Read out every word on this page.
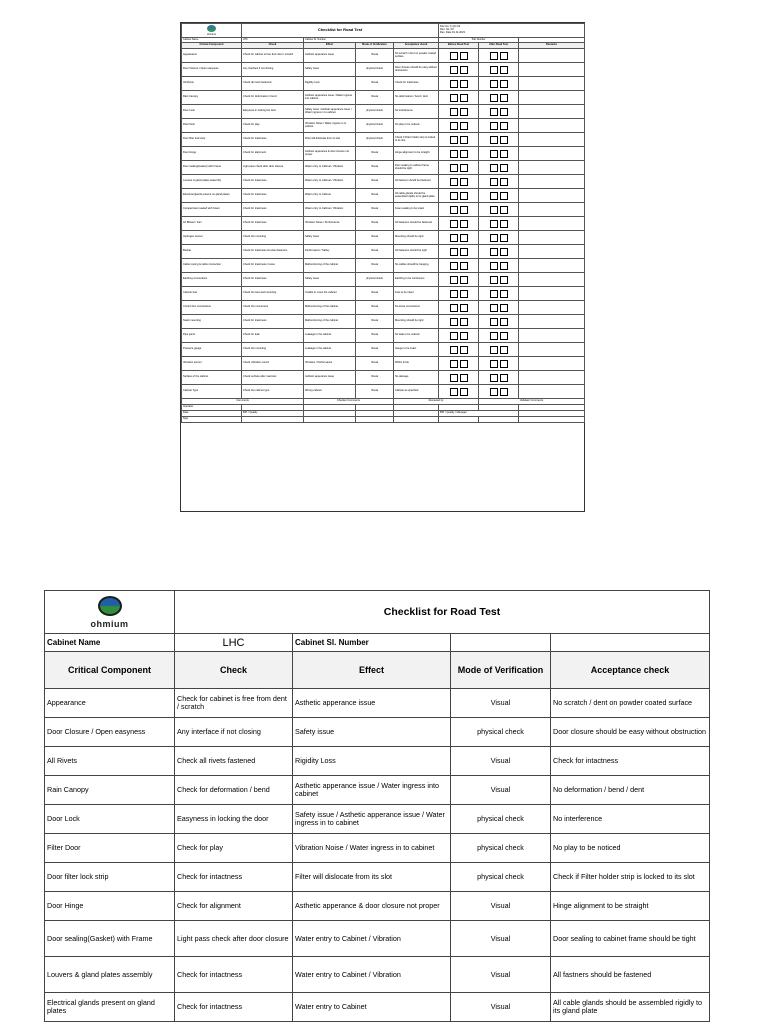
ohmium	Checklist for Road Test				Doc No. F-QC-04
Rev. No. 00
Rev. Date 01.11.2023		

Cabinet Name	LHC	Cabinet Sl. Number			Part Number		
Critical Component	Check	Effect	Mode of Verification	Acceptance check	Before Road Test	After Road Test	Remarks
Appearance	Check for cabinet is free from dent / scratch	Asthetic apperance issue	Visual	No scratch / dent on powder coated surface			
Door Closure / Open easyness	Any interface if not closing	Safety issue	physical check	Door closure should be easy without obstruction			
All Rivets	Check all rivets fastened	Rigidity Loss	Visual	Check for intactness			
Rain Canopy	Check for deformation / bend	Asthetic apperance issue / Water ingress into cabinet	Visual	No deformation / bend / dent			
Door Lock	Easyness in locking the door	Safety issue / Asthetic apperance issue / Water ingress in to cabinet	physical check	No interference			
Filter Door	Check for play	Vibration Noise / Water ingress in to cabinet	physical check	No play to be noticed			
Door filter lock strip	Check for intactness	Filter will dislocate from its slot	physical check	Check if Filter holder strip is locked to its slot			
Door Hinge	Check for alignment	Asthetic apperance & door closure not proper	Visual	Hinge alignment to be straight			
Door sealing(Gasket) with Frame	Light pass check after door closure	Water entry to Cabinet / Vibration	Visual	Door sealing to cabinet frame should be tight			
Louvers & gland plates assembly	Check for intactness	Water entry to Cabinet / Vibration	Visual	All fastners should be fastened			
Electrical glands present on gland plates	Check for intactness	Water entry to Cabinet	Visual	All cable glands should be assembled rigidly to its gland plate			
Compartment sealed with Foam	Check for intactness	Water entry to Cabinet / Vibration	Visual	Foam sealing to be intact			
Air Blower / Fan	Check for intactness	Vibration Noise / Performance	Visual	All fasteners should be fastened			
Hydrogen sensor	Check the mounting	Safety issue	Visual	Mounting should be rigid			
Busbar	Check for intactness & loose fasteners	Performance / Safety	Visual	All fasteners should be tight			
Cable routing & cable connection	Check for intactness / loose	Malfunctioning of the cabinet	Visual	No cables should be hanging			
Earthing connections	Check for intactness	Safety issue	physical check	Earthing to be continuous			
Cabinet feet	Check the feet and mounting	Unable to move the cabinet	Visual	Feet to be intact			
Control box connections	Check the connectors	Malfunctioning of the cabinet	Visual	No loose connections			
Stack mounting	Check for intactness	Malfunctioning of the cabinet	Visual	Mounting should be rigid			
Pipe joints	Check for leak	Leakage in the cabinet	Visual	No leak to be noticed			
Pressure gauge	Check the mounting	Leakage in the cabinet	Visual	Gauge to be intact			
Vibration sensor	Check vibration record	Vibration / Performance	Visual	Within limits			
Surface of the cabinet	Check surface after road test	Asthetic apperance issue	Visual	No damage			
Cabinet Type	Check the cabinet type	Wrong cabinet	Visual	Cabinet as specified			
Comments		Checker Comments		Reviewed by		Validator Comments	
Operator							
Date	BPI / Quality				BPI / Quality / Manager		
Sign							
ohmium	Checklist for Road Test			
Cabinet Name	LHC	Cabinet Sl. Number		
Critical Component	Check	Effect	Mode of Verification	Acceptance check
Appearance	Check for cabinet is free from dent / scratch	Asthetic apperance issue	Visual	No scratch / dent on powder coated surface
Door Closure / Open easyness	Any interface if not closing	Safety issue	physical check	Door closure should be easy without obstruction
All Rivets	Check all rivets fastened	Rigidity Loss	Visual	Check for intactness
Rain Canopy	Check for deformation / bend	Asthetic apperance issue / Water ingress into cabinet	Visual	No deformation / bend / dent
Door Lock	Easyness in locking the door	Safety issue / Asthetic apperance issue / Water ingress in to cabinet	physical check	No interference
Filter Door	Check for play	Vibration Noise / Water ingress in to cabinet	physical check	No play to be noticed
Door filter lock strip	Check for intactness	Filter will dislocate from its slot	physical check	Check if Filter holder strip is locked to its slot
Door Hinge	Check for alignment	Asthetic apperance & door closure not proper	Visual	Hinge alignment to be straight
Door sealing(Gasket) with Frame	Light pass check after door closure	Water entry to Cabinet / Vibration	Visual	Door sealing to cabinet frame should be tight
Louvers & gland plates assembly	Check for intactness	Water entry to Cabinet / Vibration	Visual	All fastners should be fastened
Electrical glands present on gland plates	Check for intactness	Water entry to Cabinet	Visual	All cable glands should be assembled rigidly to its gland plate
